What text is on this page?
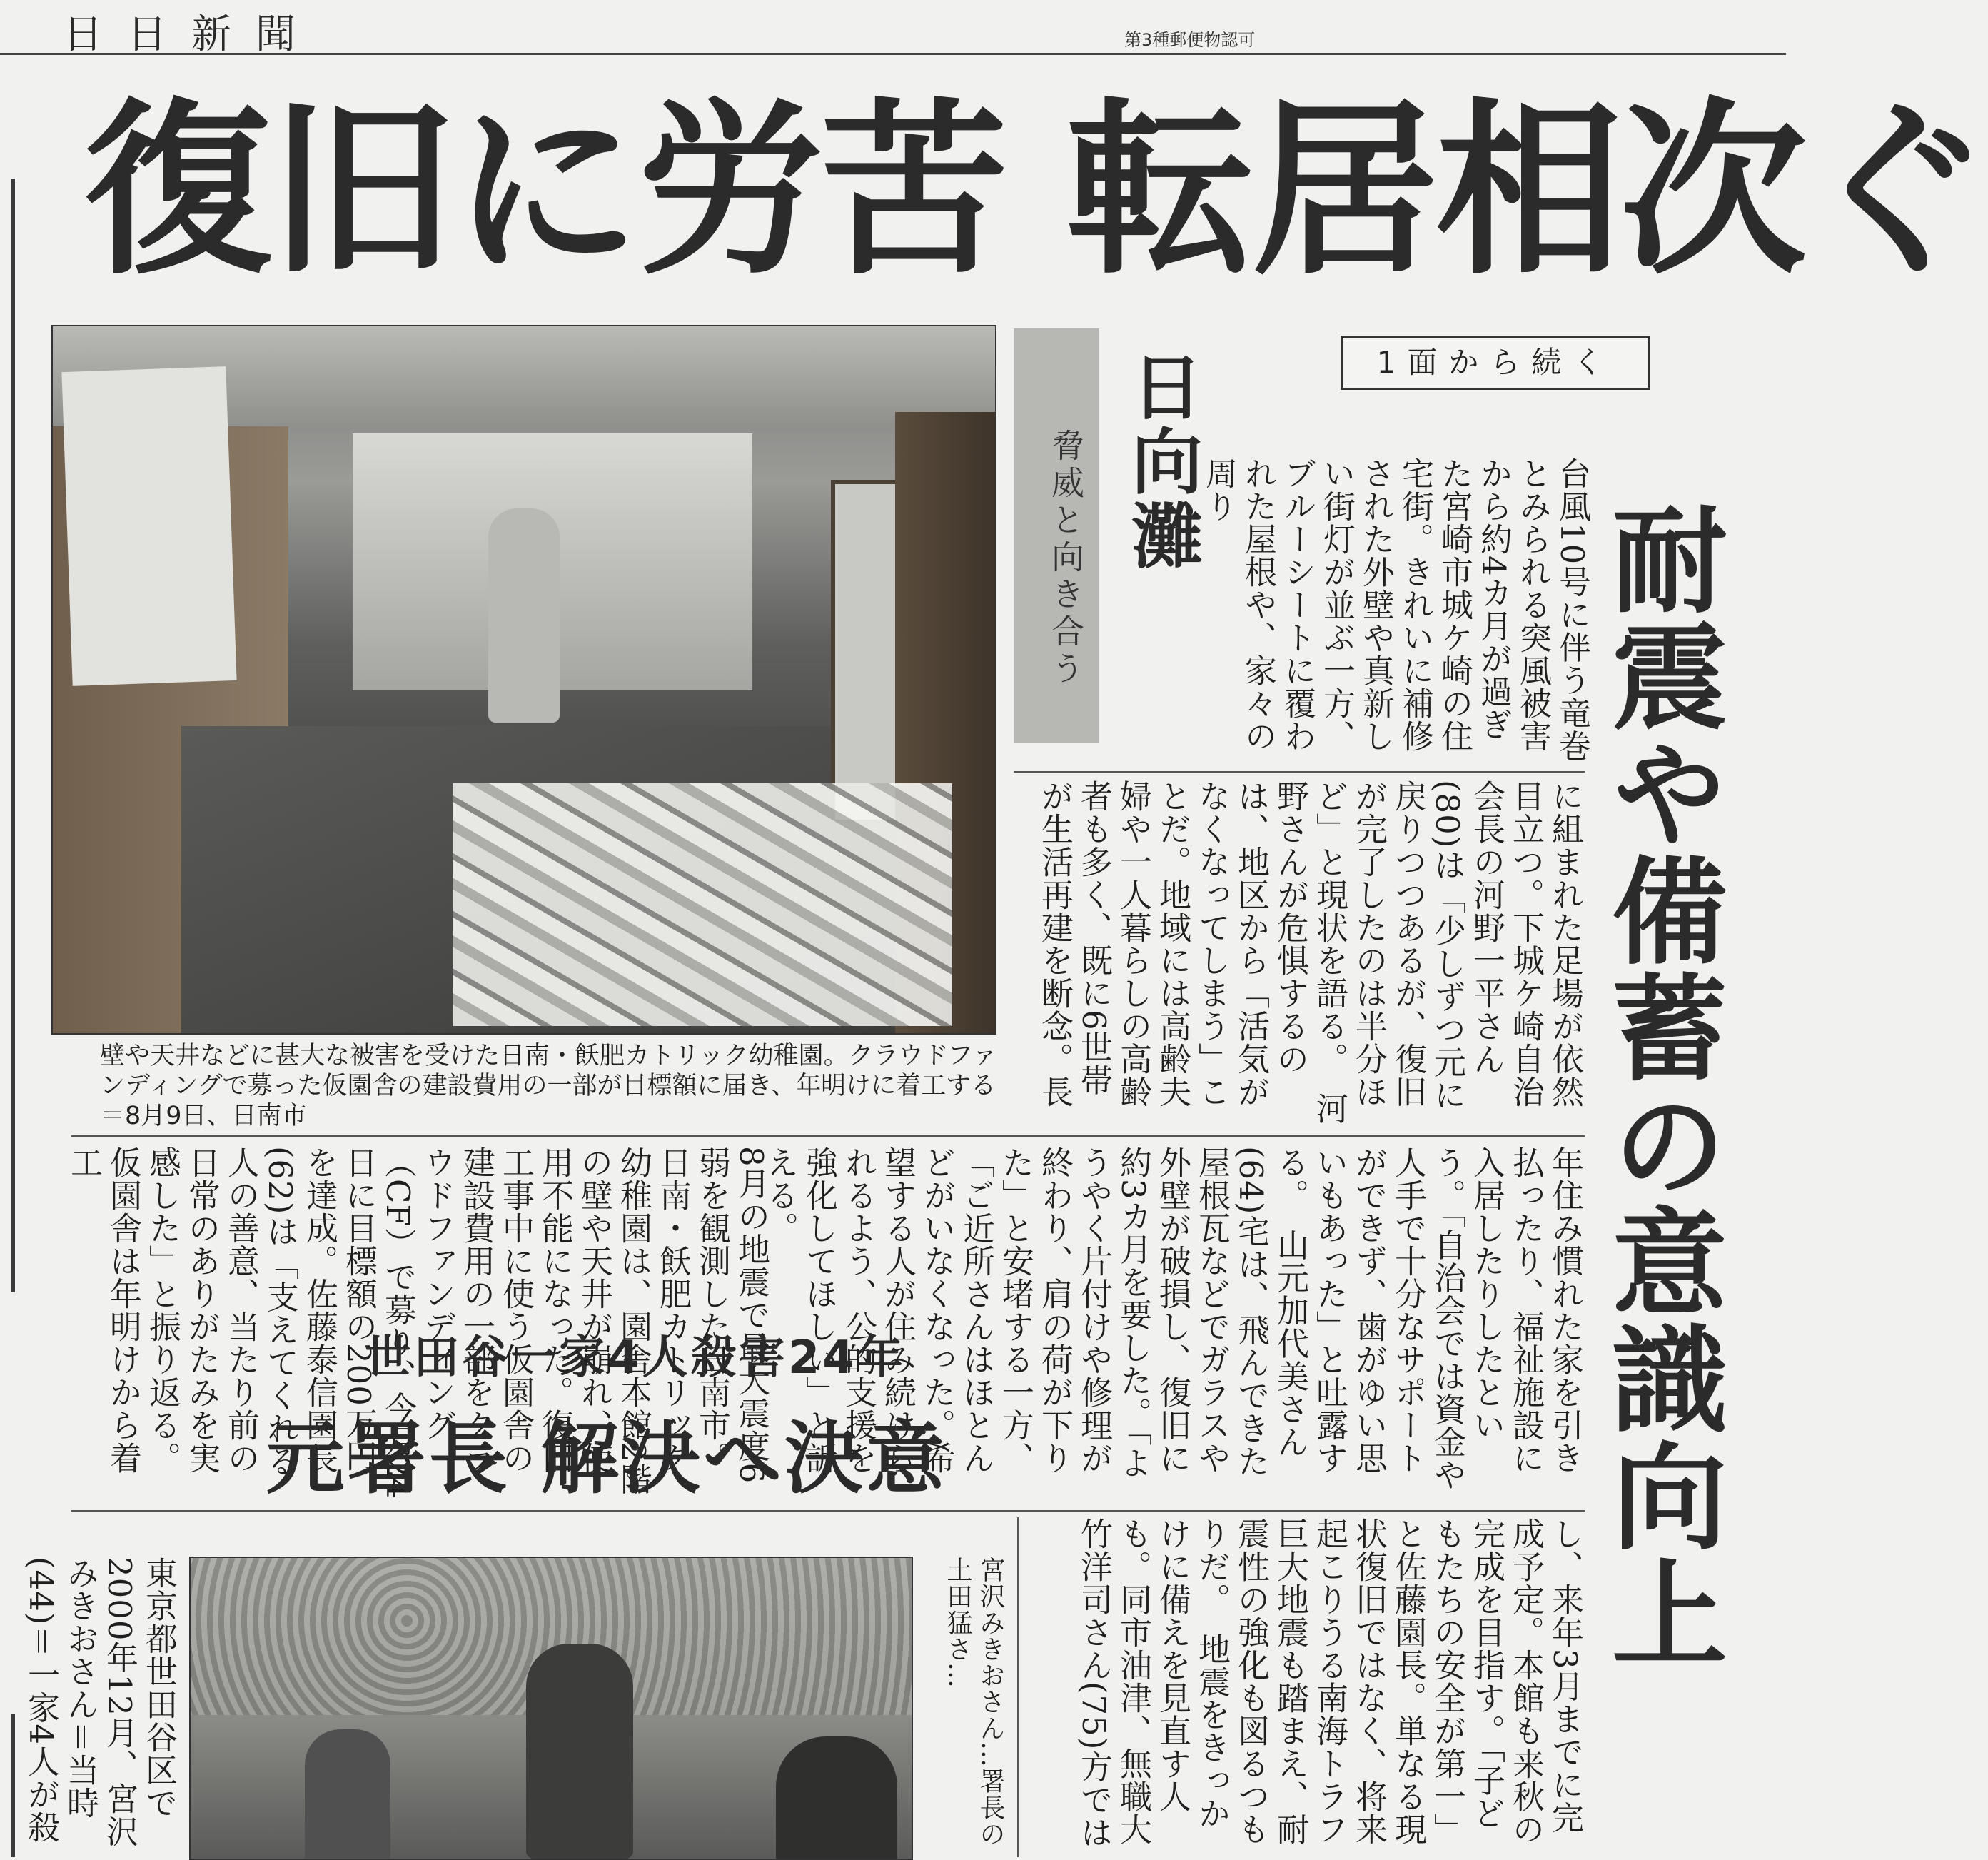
日日新聞	第3種郵便物認可
復旧に労苦 転居相次ぐ
壁や天井などに甚大な被害を受けた日南・飫肥カトリック幼稚園。クラウドファンディングで募った仮園舎の建設費用の一部が目標額に届き、年明けに着工する＝8月9日、日南市
日向灘
脅威と向き合う
1面から続く
耐震や備蓄の意識向上
台風10号に伴う竜巻とみられる突風被害から約4カ月が過ぎた宮崎市城ケ崎の住宅街。きれいに補修された外壁や真新しい街灯が並ぶ一方、ブルーシートに覆われた屋根や、家々の周り
に組まれた足場が依然目立つ。下城ケ崎自治会長の河野一平さん(80)は「少しずつ元に戻りつつあるが、復旧が完了したのは半分ほど」と現状を語る。　河野さんが危惧するのは、地区から「活気がなくなってしまう」ことだ。地域には高齢夫婦や一人暮らしの高齢者も多く、既に6世帯が生活再建を断念。長
年住み慣れた家を引き払ったり、福祉施設に入居したりしたという。「自治会では資金や人手で十分なサポートができず、歯がゆい思いもあった」と吐露する。　山元加代美さん(64)宅は、飛んできた屋根瓦などでガラスや外壁が破損し、復旧に約3カ月を要した。「ようやく片付けや修理が終わり、肩の荷が下りた」と安堵する一方、「ご近所さんはほとんどがいなくなった。希望する人が住み続けられるよう、公的支援を強化してほしい」と訴える。
8月の地震で最大震度6弱を観測した日南市。日南・飫肥カトリック幼稚園は、園舎本館2階の壁や天井が崩れ、使用不能になった。復旧工事中に使う仮園舎の建設費用の一部をクラウドファンディング（CF）で募り、今月24日に目標額の200万円を達成。佐藤泰信園長(62)は「支えてくれる人の善意、当たり前の日常のありがたみを実感した」と振り返る。　仮園舎は年明けから着工
し、来年3月までに完成予定。本館も来秋の完成を目指す。「子どもたちの安全が第一」と佐藤園長。単なる現状復旧ではなく、将来起こりうる南海トラフ巨大地震も踏まえ、耐震性の強化も図るつもりだ。　地震をきっかけに備えを見直す人も。同市油津、無職大竹洋司さん(75)方では
世田谷一家4人殺害24年
元署長 解決へ決意
宮沢みきおさん…署長の土田猛さ…
東京都世田谷区で2000年12月、宮沢みきおさん＝当時(44)＝一家4人が殺
